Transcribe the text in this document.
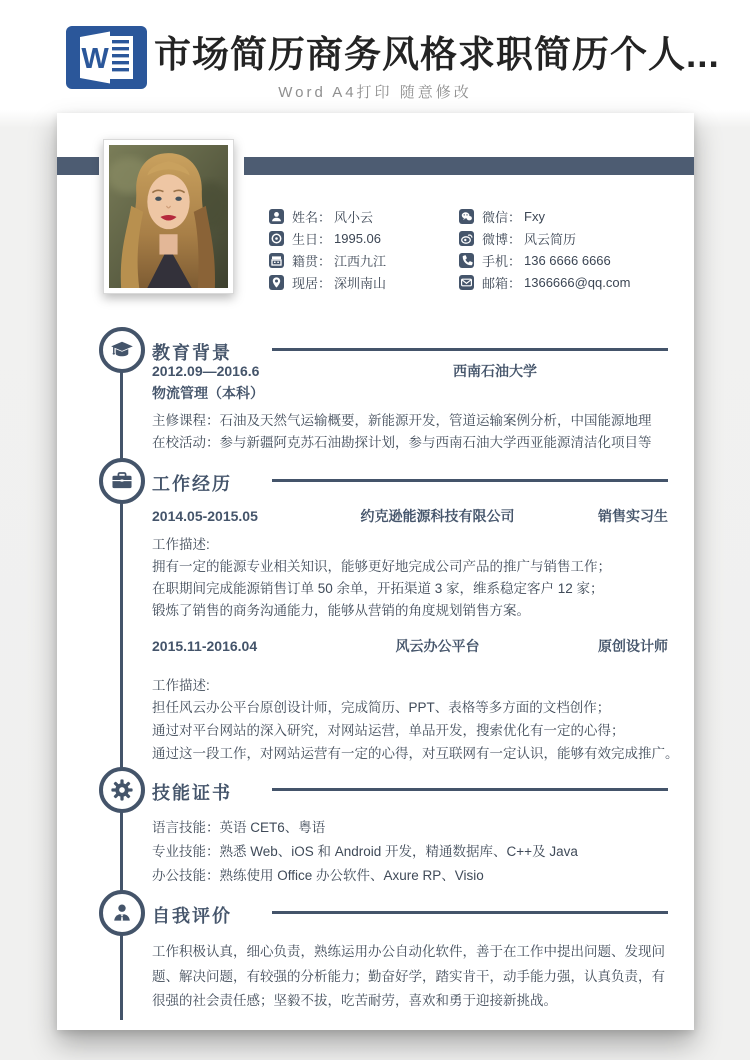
W 市场简历商务风格求职简历个人...
Word A4打印 随意修改
姓名： 风小云
生日： 1995.06
籍贯： 江西九江
现居： 深圳南山
微信： Fxy
微博： 风云简历
手机： 136 6666 6666
邮箱： 1366666@qq.com
教育背景
2012.09—2016.6	西南石油大学
物流管理（本科）
主修课程：石油及天然气运输概要，新能源开发，管道运输案例分析，中国能源地理
在校活动：参与新疆阿克苏石油勘探计划，参与西南石油大学西亚能源清洁化项目等
工作经历
2014.05-2015.05	约克逊能源科技有限公司	销售实习生
工作描述:
拥有一定的能源专业相关知识，能够更好地完成公司产品的推广与销售工作；
在职期间完成能源销售订单 50 余单，开拓渠道 3 家，维系稳定客户 12 家；
锻炼了销售的商务沟通能力，能够从营销的角度规划销售方案。
2015.11-2016.04	风云办公平台	原创设计师
工作描述:
担任风云办公平台原创设计师，完成简历、PPT、表格等多方面的文档创作；
通过对平台网站的深入研究，对网站运营，单品开发，搜索优化有一定的心得；
通过这一段工作，对网站运营有一定的心得，对互联网有一定认识，能够有效完成推广。
技能证书
语言技能：英语 CET6、粤语
专业技能：熟悉 Web、iOS 和 Android 开发，精通数据库、C++及 Java
办公技能：熟练使用 Office 办公软件、Axure RP、Visio
自我评价
工作积极认真，细心负责，熟练运用办公自动化软件，善于在工作中提出问题、发现问题、解决问题，有较强的分析能力；勤奋好学，踏实肯干，动手能力强，认真负责，有很强的社会责任感；坚毅不拔，吃苦耐劳，喜欢和勇于迎接新挑战。
